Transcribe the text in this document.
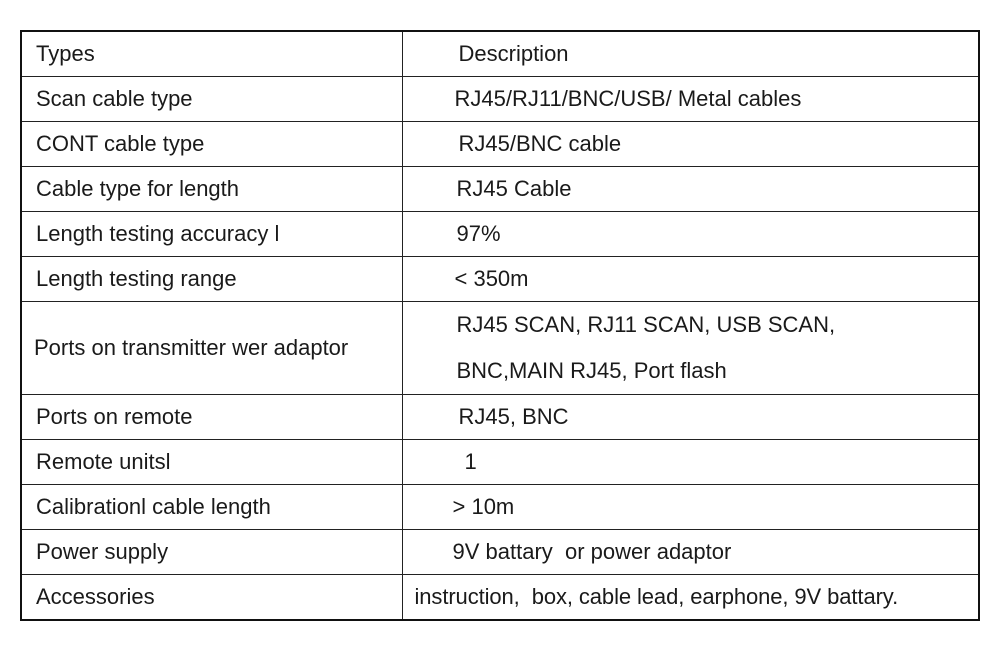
Types	Description
Scan cable type	RJ45/RJ11/BNC/USB/ Metal cables
CONT cable type	RJ45/BNC cable
Cable type for length	RJ45 Cable
Length testing accuracy l	97%
Length testing range	< 350m
Ports on transmitter wer adaptor	RJ45 SCAN, RJ11 SCAN, USB SCAN,
BNC,MAIN RJ45, Port flash

Ports on remote	RJ45, BNC
Remote unitsl	1
Calibrationl cable length	> 10m
Power supply	9V battary  or power adaptor
Accessories	instruction,  box, cable lead, earphone, 9V battary.
